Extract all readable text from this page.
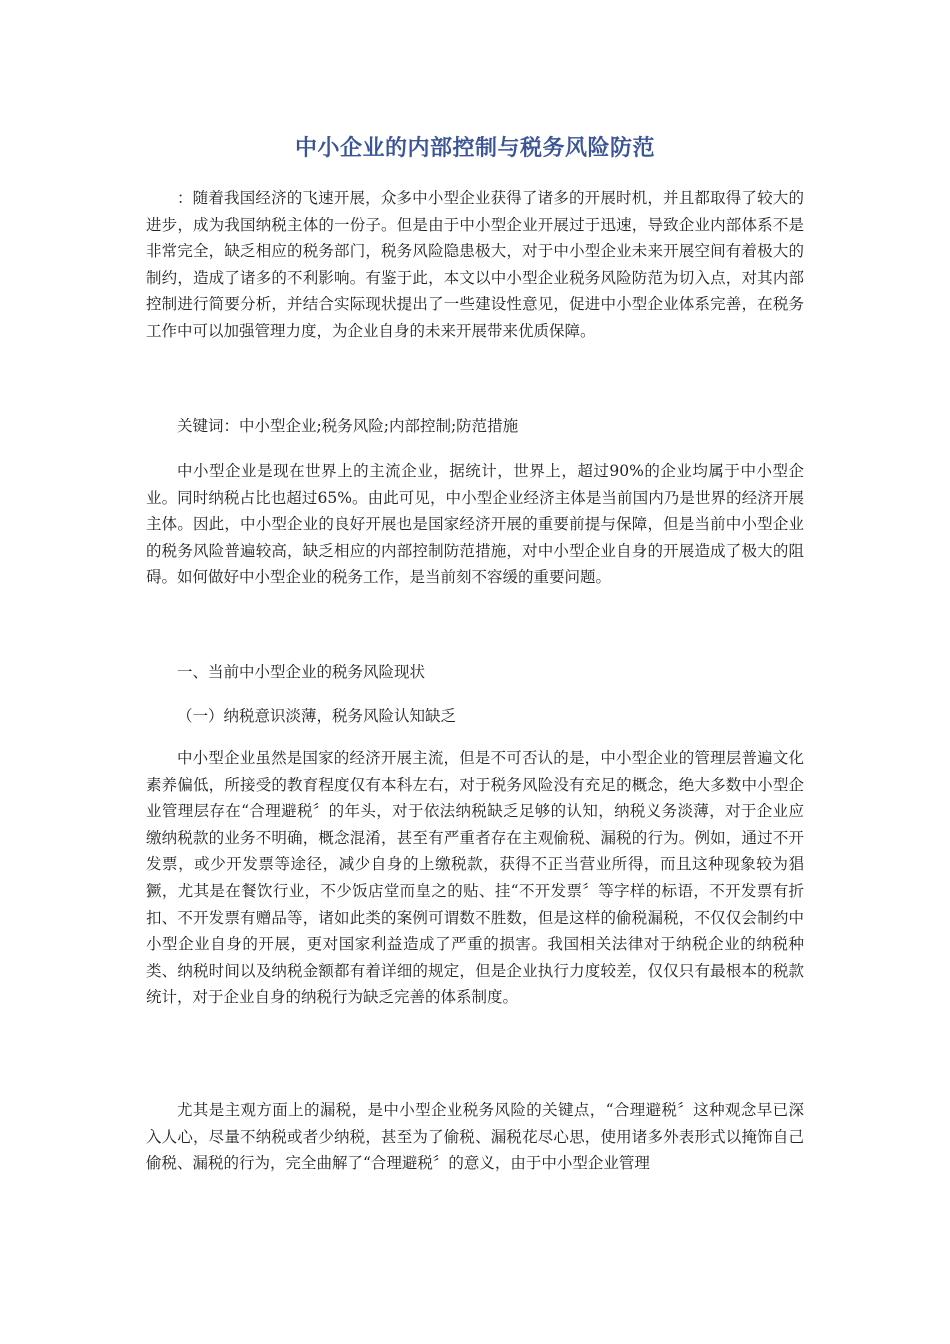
中小企业的内部控制与税务风险防范

：随着我国经济的飞速开展，众多中小型企业获得了诸多的开展时机，并且都取得了较大的进步，成为我国纳税主体的一份子。但是由于中小型企业开展过于迅速，导致企业内部体系不是非常完全，缺乏相应的税务部门，税务风险隐患极大，对于中小型企业未来开展空间有着极大的制约，造成了诸多的不利影响。有鉴于此，本文以中小型企业税务风险防范为切入点，对其内部控制进行简要分析，并结合实际现状提出了一些建设性意见，促进中小型企业体系完善，在税务工作中可以加强管理力度，为企业自身的未来开展带来优质保障。

关键词：中小型企业;税务风险;内部控制;防范措施

中小型企业是现在世界上的主流企业，据统计，世界上，超过90%的企业均属于中小型企业。同时纳税占比也超过65%。由此可见，中小型企业经济主体是当前国内乃是世界的经济开展主体。因此，中小型企业的良好开展也是国家经济开展的重要前提与保障，但是当前中小型企业的税务风险普遍较高，缺乏相应的内部控制防范措施，对中小型企业自身的开展造成了极大的阻碍。如何做好中小型企业的税务工作，是当前刻不容缓的重要问题。

一、当前中小型企业的税务风险现状

（一）纳税意识淡薄，税务风险认知缺乏

中小型企业虽然是国家的经济开展主流，但是不可否认的是，中小型企业的管理层普遍文化素养偏低，所接受的教育程度仅有本科左右，对于税务风险没有充足的概念，绝大多数中小型企业管理层存在“合理避税〞的年头，对于依法纳税缺乏足够的认知，纳税义务淡薄，对于企业应缴纳税款的业务不明确，概念混淆，甚至有严重者存在主观偷税、漏税的行为。例如，通过不开发票，或少开发票等途径，减少自身的上缴税款，获得不正当营业所得，而且这种现象较为猖獗，尤其是在餐饮行业，不少饭店堂而皇之的贴、挂“不开发票〞等字样的标语，不开发票有折扣、不开发票有赠品等，诸如此类的案例可谓数不胜数，但是这样的偷税漏税，不仅仅会制约中小型企业自身的开展，更对国家利益造成了严重的损害。我国相关法律对于纳税企业的纳税种类、纳税时间以及纳税金额都有着详细的规定，但是企业执行力度较差，仅仅只有最根本的税款统计，对于企业自身的纳税行为缺乏完善的体系制度。

尤其是主观方面上的漏税，是中小型企业税务风险的关键点，“合理避税〞这种观念早已深入人心，尽量不纳税或者少纳税，甚至为了偷税、漏税花尽心思，使用诸多外表形式以掩饰自己偷税、漏税的行为，完全曲解了“合理避税〞的意义，由于中小型企业管理
